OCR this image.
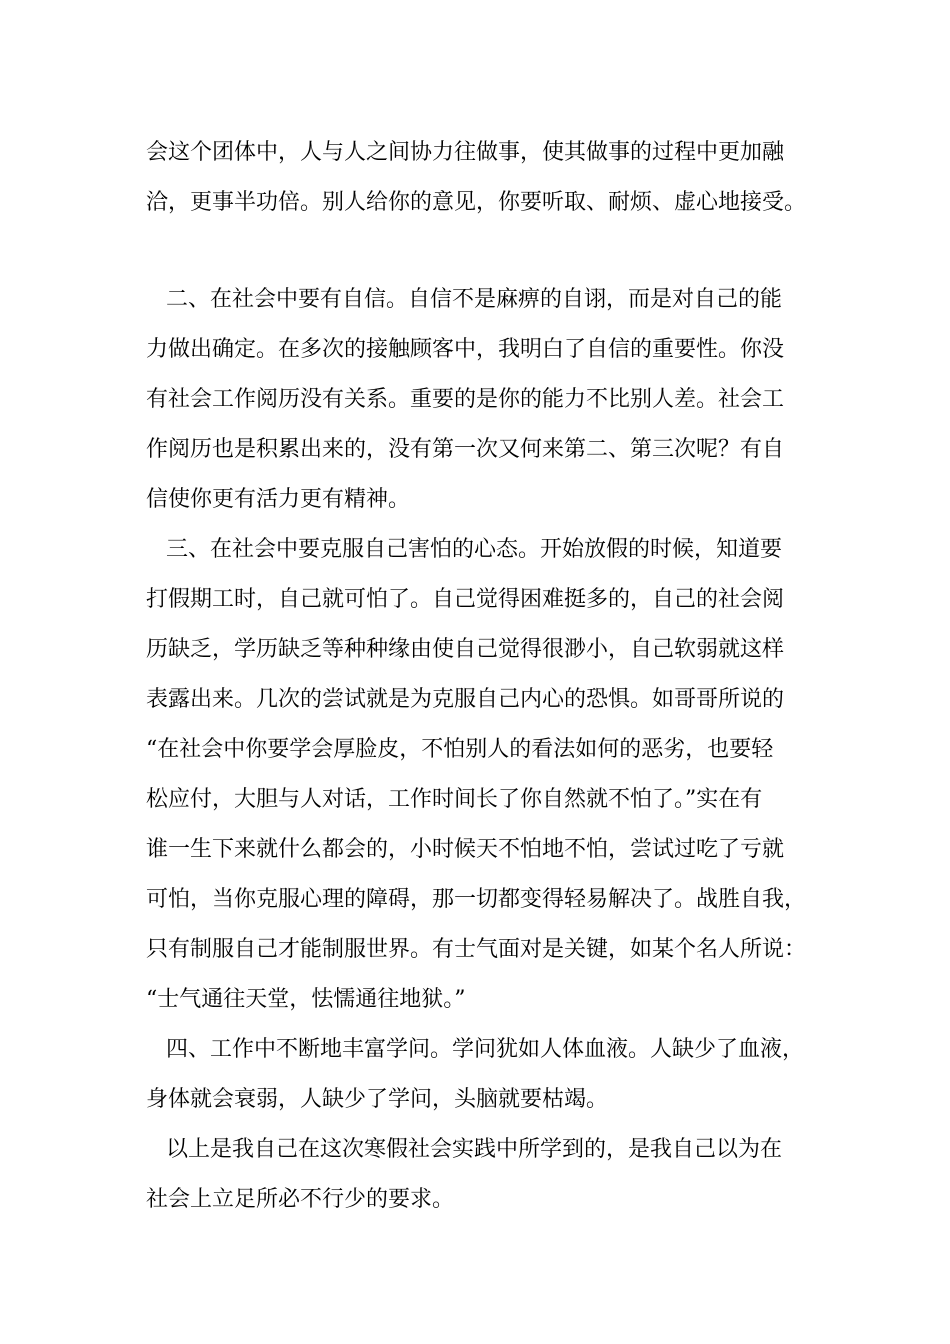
会这个团体中，人与人之间协力往做事，使其做事的过程中更加融
洽，更事半功倍。别人给你的意见，你要听取、耐烦、虚心地接受。
二、在社会中要有自信。自信不是麻痹的自诩，而是对自己的能
力做出确定。在多次的接触顾客中，我明白了自信的重要性。你没
有社会工作阅历没有关系。重要的是你的能力不比别人差。社会工
作阅历也是积累出来的，没有第一次又何来第二、第三次呢？有自
信使你更有活力更有精神。
三、在社会中要克服自己害怕的心态。开始放假的时候，知道要
打假期工时，自己就可怕了。自己觉得困难挺多的，自己的社会阅
历缺乏，学历缺乏等种种缘由使自己觉得很渺小，自己软弱就这样
表露出来。几次的尝试就是为克服自己内心的恐惧。如哥哥所说的
“在社会中你要学会厚脸皮，不怕别人的看法如何的恶劣，也要轻
松应付，大胆与人对话，工作时间长了你自然就不怕了。”实在有
谁一生下来就什么都会的，小时候天不怕地不怕，尝试过吃了亏就
可怕，当你克服心理的障碍，那一切都变得轻易解决了。战胜自我，
只有制服自己才能制服世界。有士气面对是关键，如某个名人所说：
“士气通往天堂，怯懦通往地狱。”
四、工作中不断地丰富学问。学问犹如人体血液。人缺少了血液，
身体就会衰弱，人缺少了学问，头脑就要枯竭。
以上是我自己在这次寒假社会实践中所学到的，是我自己以为在
社会上立足所必不行少的要求。
